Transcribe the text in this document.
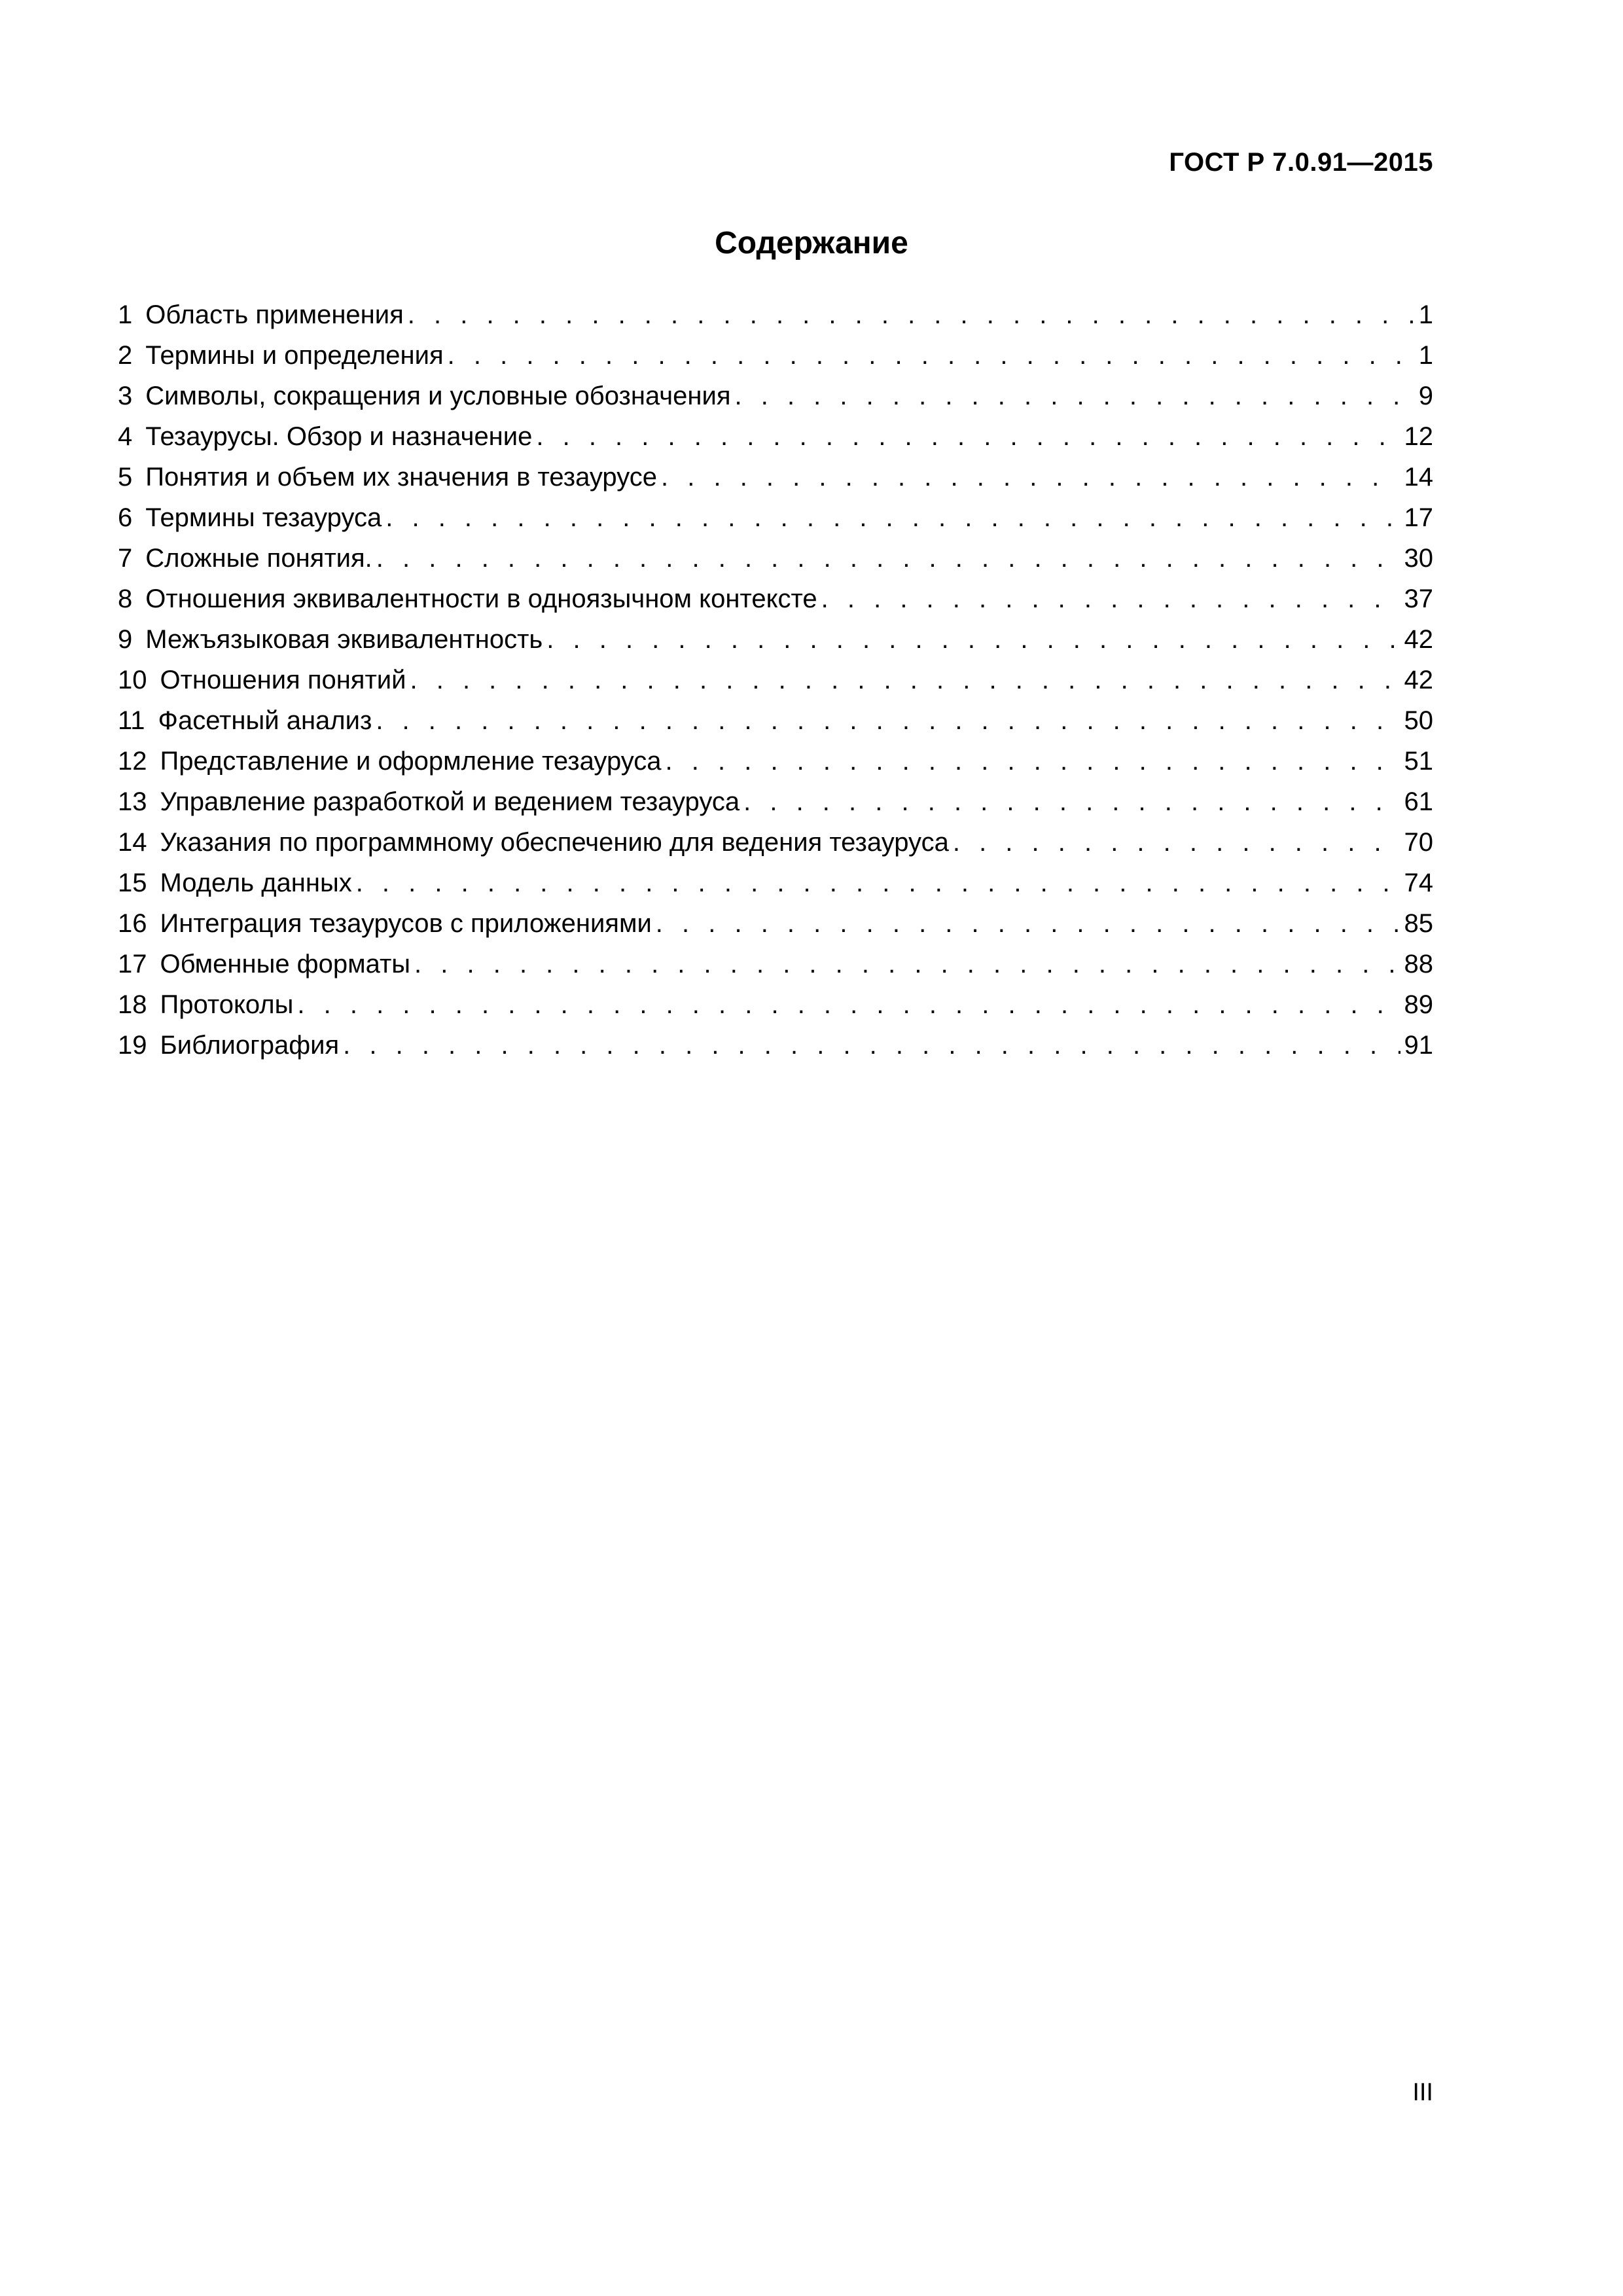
ГОСТ Р 7.0.91—2015
Содержание
1 Область применения . . .	1
2 Термины и определения . . .	1
3 Символы, сокращения и условные обозначения . . .	9
4 Тезаурусы. Обзор и назначение . . .	12
5 Понятия и объем их значения в тезаурусе . . .	14
6 Термины тезауруса . . .	17
7 Сложные понятия. . . .	30
8 Отношения эквивалентности в одноязычном контексте . . .	37
9 Межъязыковая эквивалентность . . .	42
10 Отношения понятий . . .	42
11 Фасетный анализ . . .	50
12 Представление и оформление тезауруса . . .	51
13 Управление разработкой и ведением тезауруса . . .	61
14 Указания по программному обеспечению для ведения тезауруса . . .	70
15 Модель данных . . .	74
16 Интеграция тезаурусов с приложениями . . .	85
17 Обменные форматы . . .	88
18 Протоколы . . .	89
19 Библиография . . .	91
III
